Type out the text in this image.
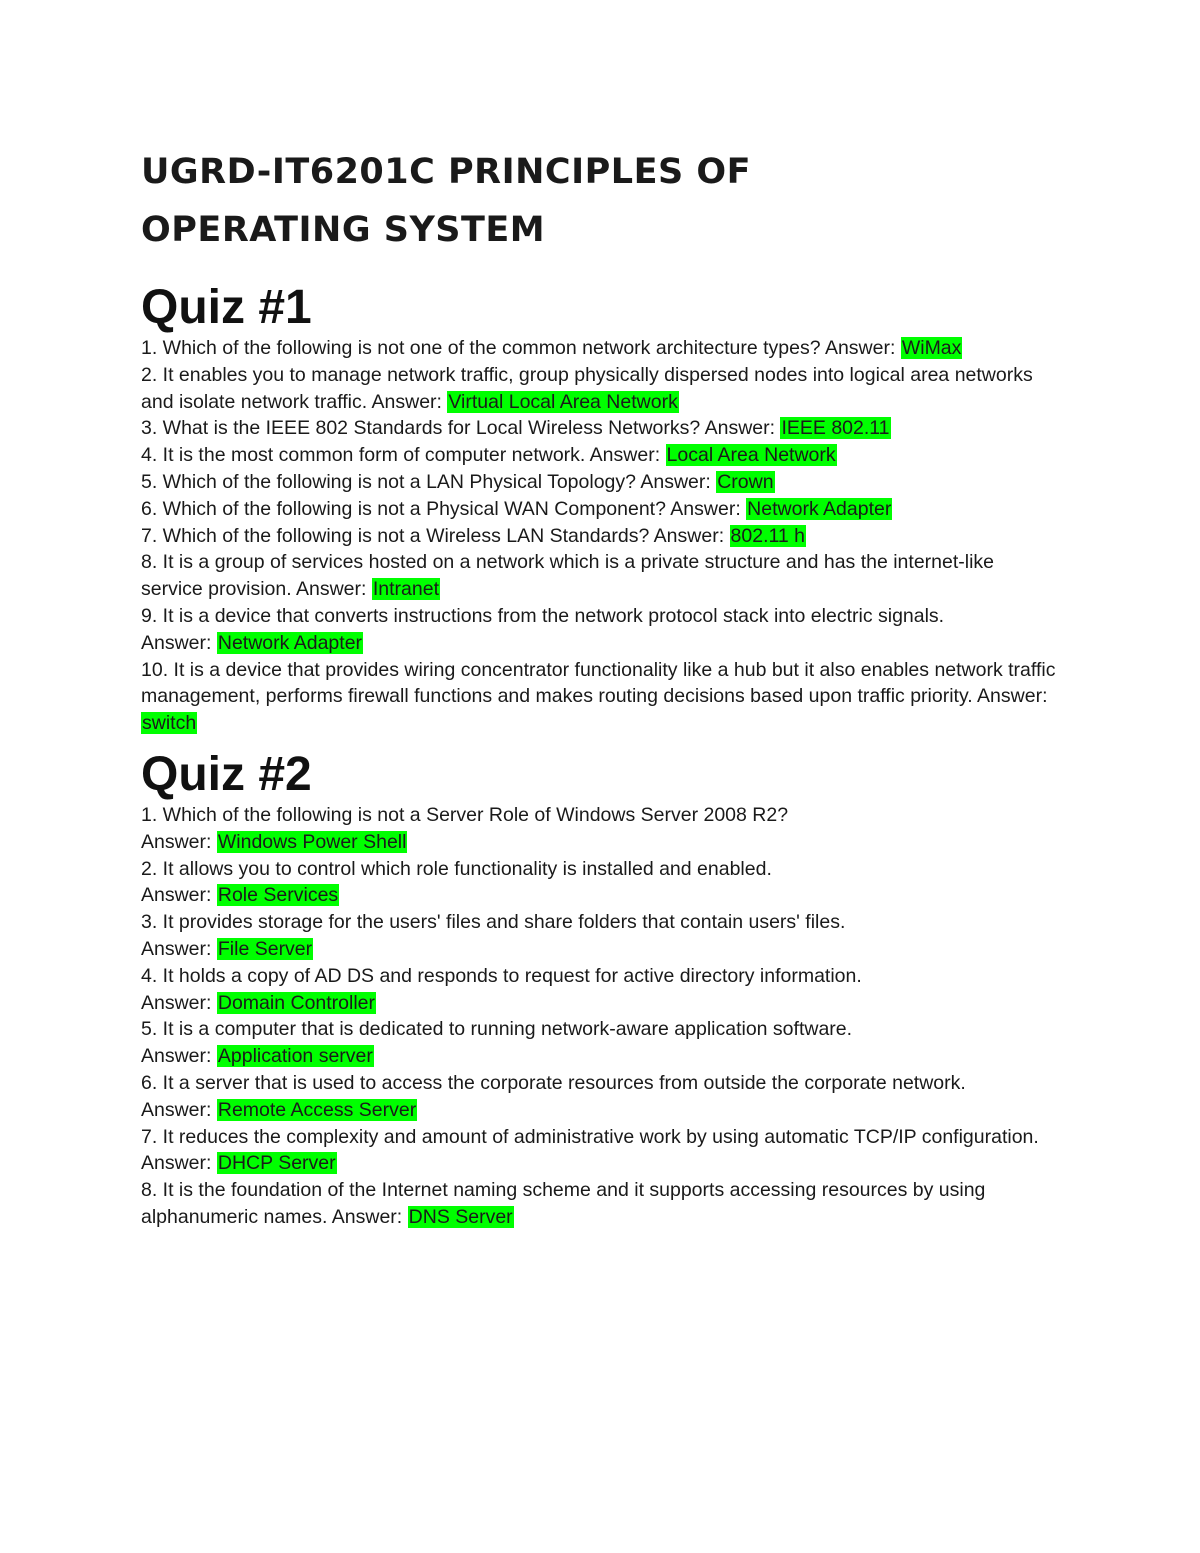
UGRD-IT6201C PRINCIPLES OF
OPERATING SYSTEM
Quiz #1
1. Which of the following is not one of the common network architecture types? Answer: WiMax
2. It enables you to manage network traffic, group physically dispersed nodes into logical area networks and isolate network traffic. Answer: Virtual Local Area Network
3. What is the IEEE 802 Standards for Local Wireless Networks? Answer: IEEE 802.11
4. It is the most common form of computer network. Answer: Local Area Network
5. Which of the following is not a LAN Physical Topology? Answer: Crown
6. Which of the following is not a Physical WAN Component? Answer: Network Adapter
7. Which of the following is not a Wireless LAN Standards? Answer: 802.11 h
8. It is a group of services hosted on a network which is a private structure and has the internet-like service provision. Answer: Intranet
9. It is a device that converts instructions from the network protocol stack into electric signals.
Answer: Network Adapter
10. It is a device that provides wiring concentrator functionality like a hub but it also enables network traffic management, performs firewall functions and makes routing decisions based upon traffic priority. Answer: switch
Quiz #2
1. Which of the following is not a Server Role of Windows Server 2008 R2?
Answer: Windows Power Shell
2. It allows you to control which role functionality is installed and enabled.
Answer: Role Services
3. It provides storage for the users' files and share folders that contain users' files.
Answer: File Server
4. It holds a copy of AD DS and responds to request for active directory information.
Answer: Domain Controller
5. It is a computer that is dedicated to running network-aware application software.
Answer: Application server
6. It a server that is used to access the corporate resources from outside the corporate network.
Answer: Remote Access Server
7. It reduces the complexity and amount of administrative work by using automatic TCP/IP configuration. Answer: DHCP Server
8. It is the foundation of the Internet naming scheme and it supports accessing resources by using alphanumeric names. Answer: DNS Server
